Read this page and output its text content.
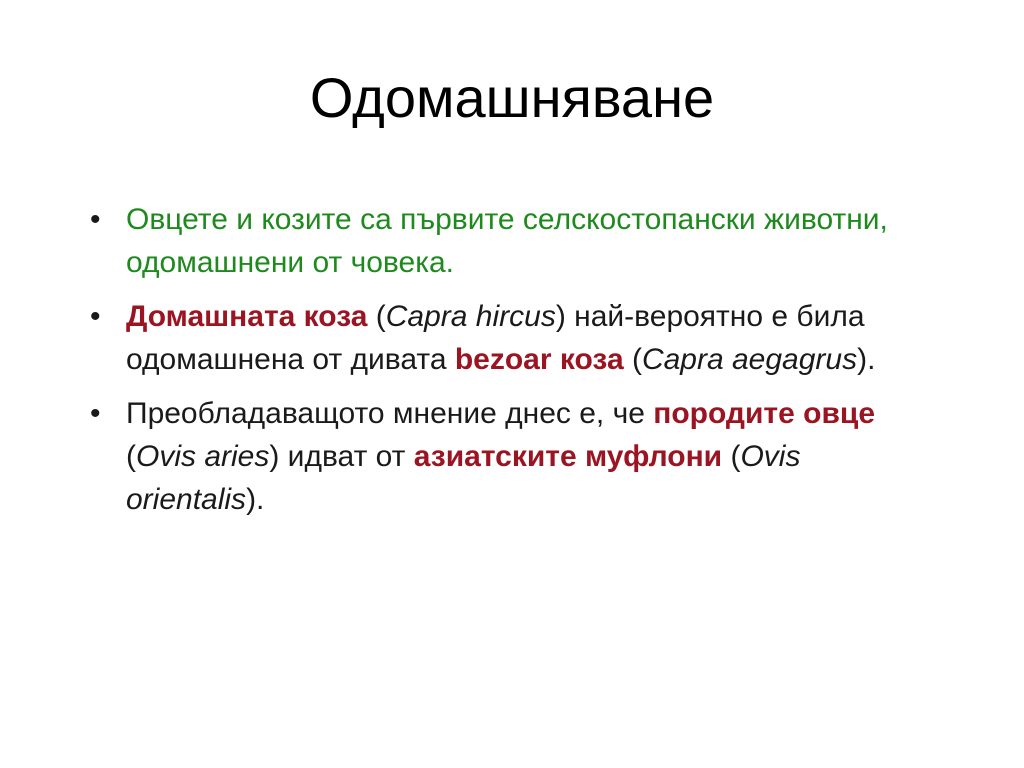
Одомашняване
• Овцете и козите са първите селскостопански животни, одомашнени от човека.
• Домашната коза (Capra hircus) най-вероятно е била одомашнена от дивата bezoar коза (Capra aegagrus).
• Преобладаващото мнение днес е, че породите овце (Ovis aries) идват от азиатските муфлони (Ovis orientalis).
